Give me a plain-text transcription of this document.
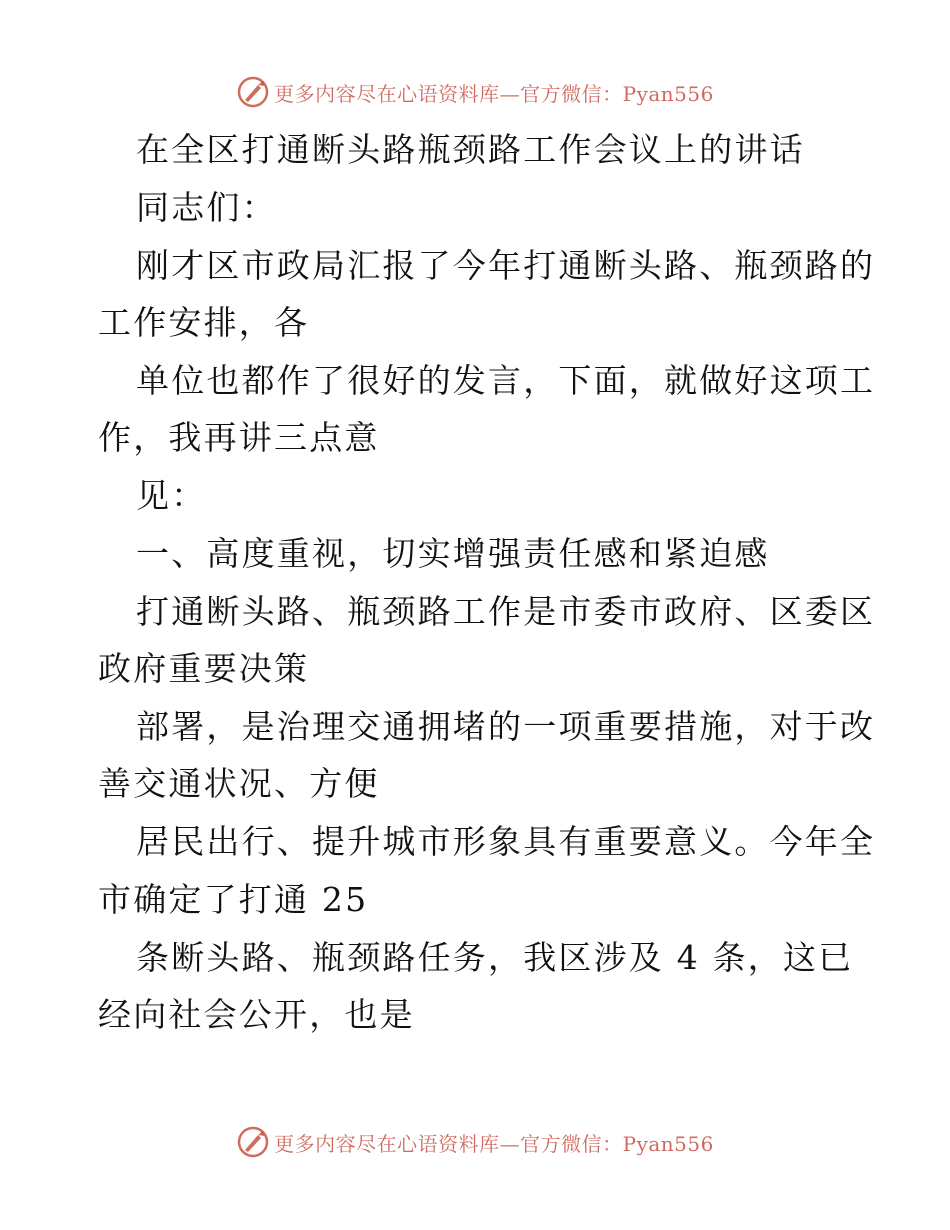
更多内容尽在心语资料库—官方微信：Pyan556
在全区打通断头路瓶颈路工作会议上的讲话
同志们：
刚才区市政局汇报了今年打通断头路、瓶颈路的
工作安排，各
单位也都作了很好的发言，下面，就做好这项工
作，我再讲三点意
见：
一、高度重视，切实增强责任感和紧迫感
打通断头路、瓶颈路工作是市委市政府、区委区
政府重要决策
部署，是治理交通拥堵的一项重要措施，对于改
善交通状况、方便
居民出行、提升城市形象具有重要意义。今年全
市确定了打通 25
条断头路、瓶颈路任务，我区涉及 4 条，这已
经向社会公开，也是
更多内容尽在心语资料库—官方微信：Pyan556
